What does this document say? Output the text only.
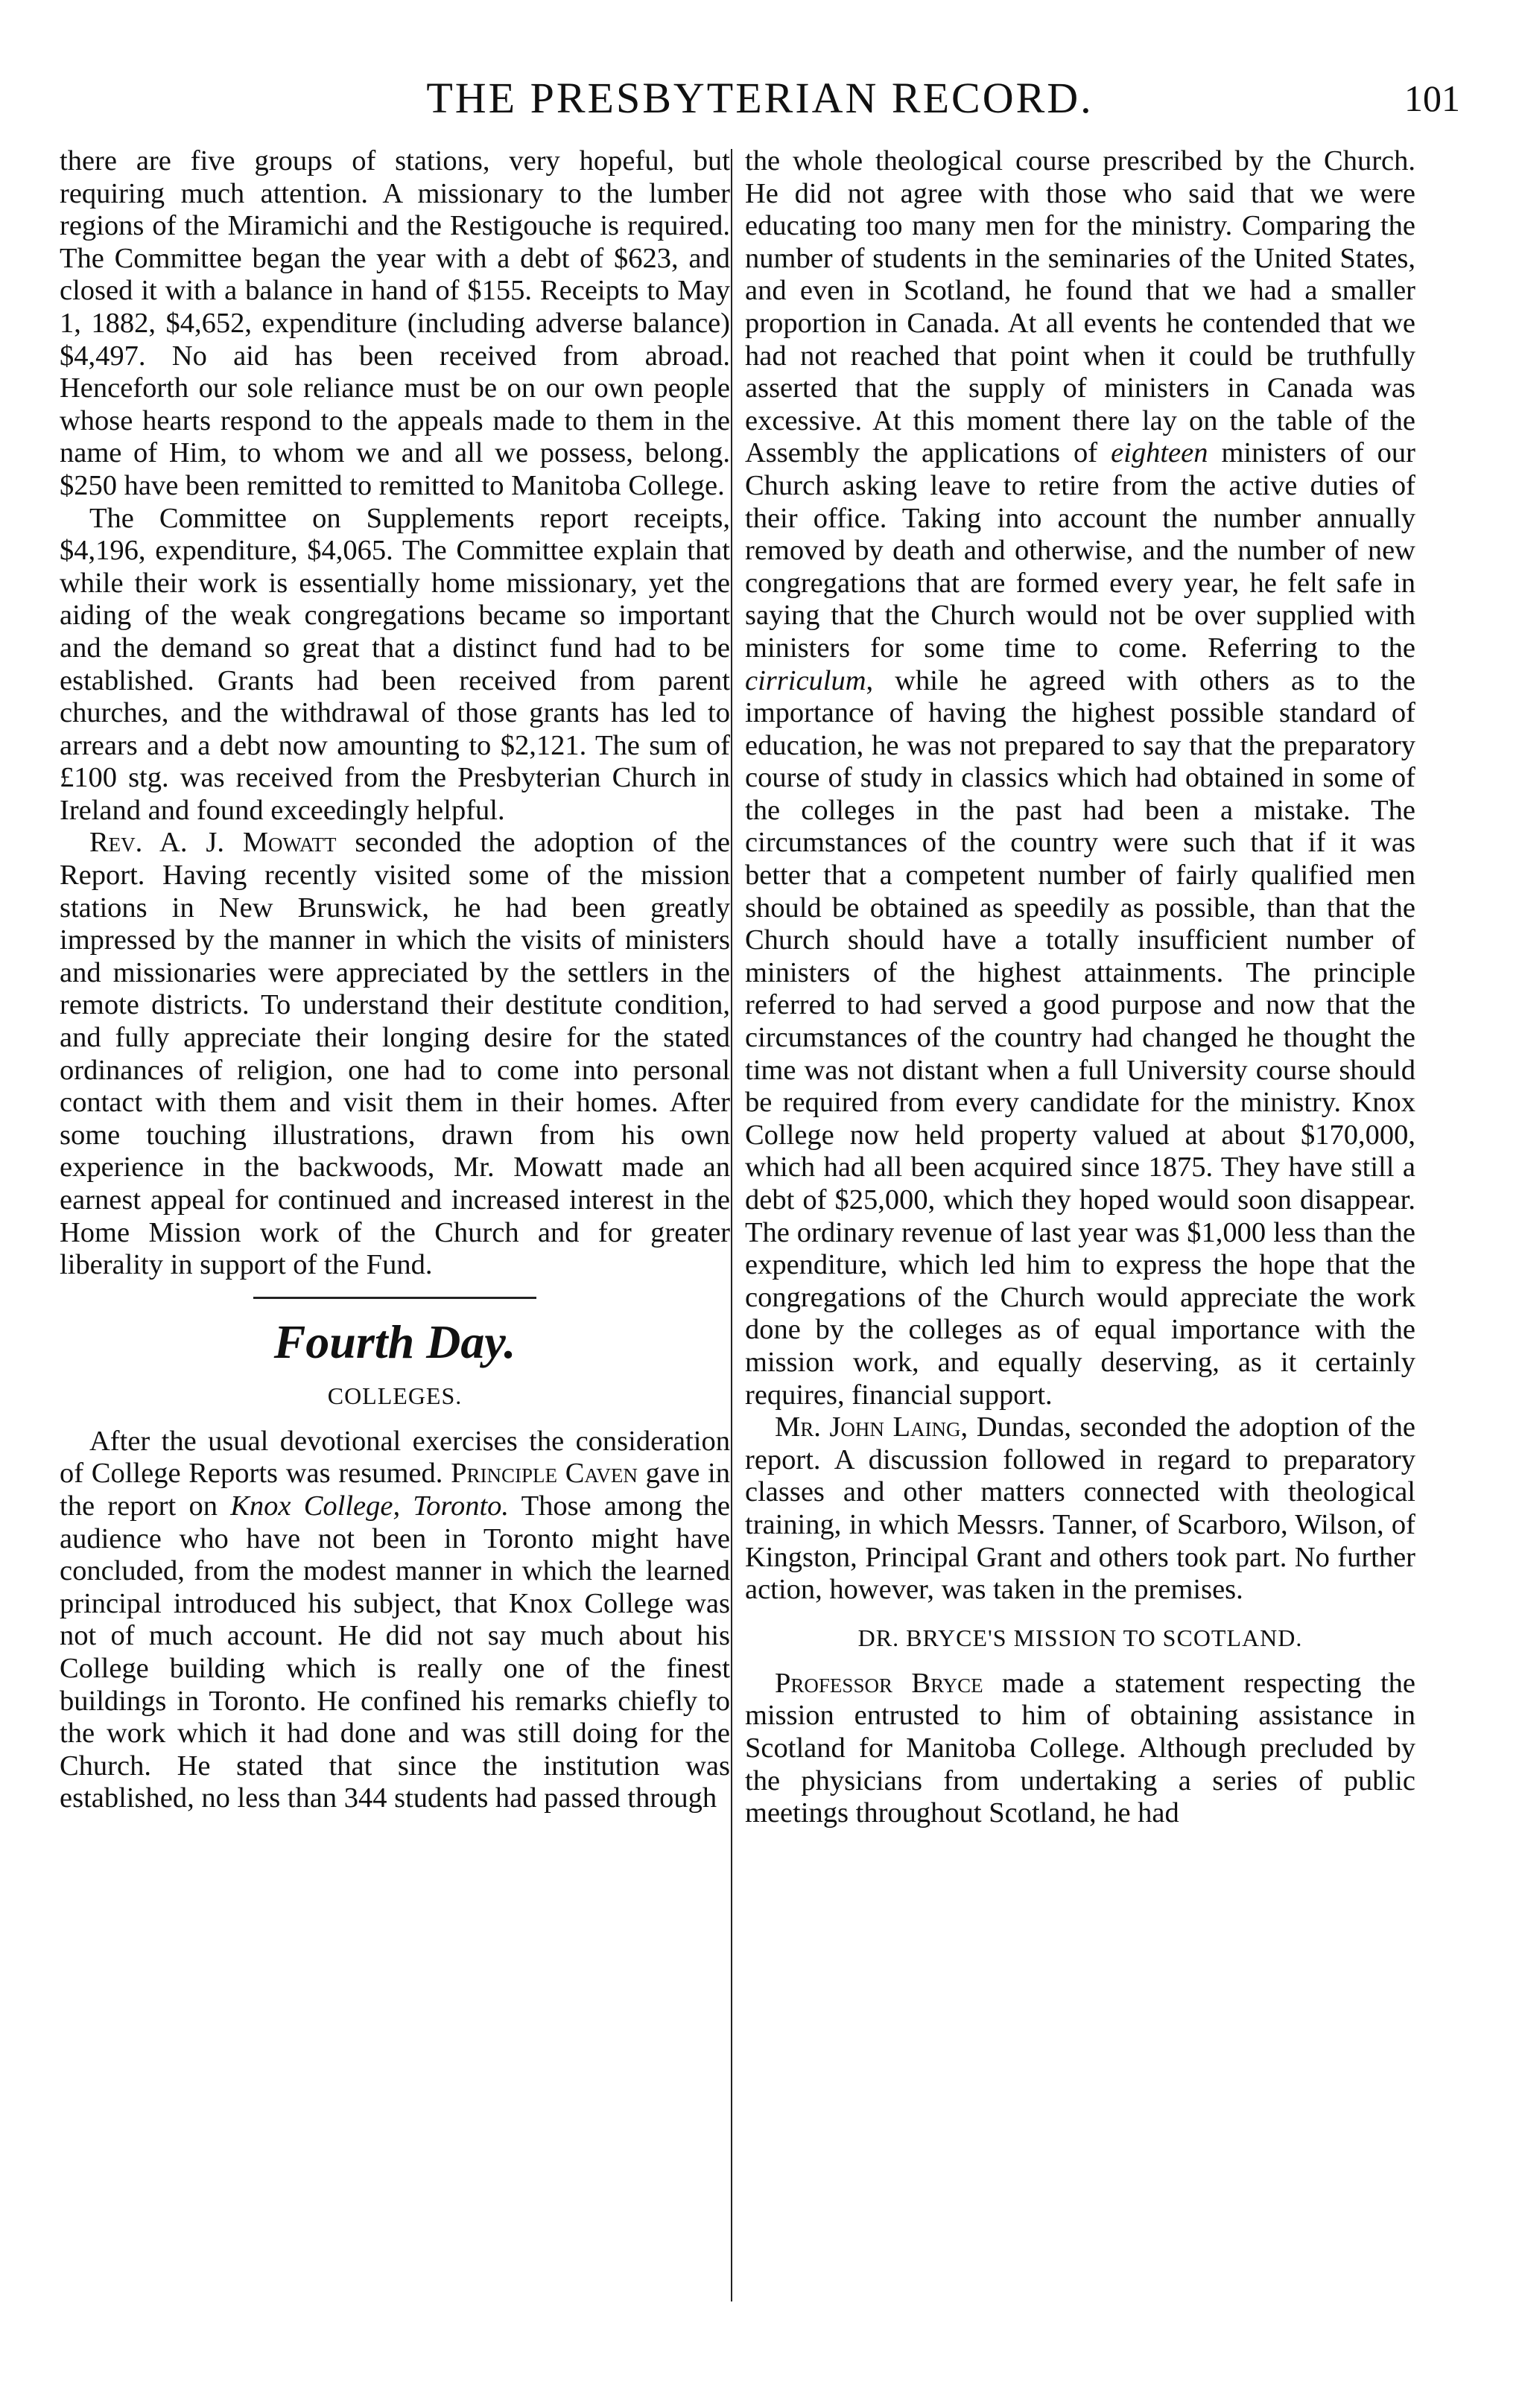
THE PRESBYTERIAN RECORD.	101

there are five groups of stations, very hopeful, but requiring much attention. A missionary to the lumber regions of the Miramichi and the Restigouche is required. The Committee began the year with a debt of $623, and closed it with a balance in hand of $155. Receipts to May 1, 1882, $4,652, expenditure (including adverse balance) $4,497. No aid has been received from abroad. Henceforth our sole reliance must be on our own people whose hearts respond to the appeals made to them in the name of Him, to whom we and all we possess, belong. $250 have been remitted to remitted to Manitoba College.

The Committee on Supplements report receipts, $4,196, expenditure, $4,065. The Committee explain that while their work is essentially home missionary, yet the aiding of the weak congregations became so important and the demand so great that a distinct fund had to be established. Grants had been received from parent churches, and the withdrawal of those grants has led to arrears and a debt now amounting to $2,121. The sum of £100 stg. was received from the Presbyterian Church in Ireland and found exceedingly helpful.

Rev. A. J. Mowatt seconded the adoption of the Report. Having recently visited some of the mission stations in New Brunswick, he had been greatly impressed by the manner in which the visits of ministers and missionaries were appreciated by the settlers in the remote districts. To understand their destitute condition, and fully appreciate their longing desire for the stated ordinances of religion, one had to come into personal contact with them and visit them in their homes. After some touching illustrations, drawn from his own experience in the backwoods, Mr. Mowatt made an earnest appeal for continued and increased interest in the Home Mission work of the Church and for greater liberality in support of the Fund.

Fourth Day.
COLLEGES.

After the usual devotional exercises the consideration of College Reports was resumed. Principle Caven gave in the report on Knox College, Toronto. Those among the audience who have not been in Toronto might have concluded, from the modest manner in which the learned principal introduced his subject, that Knox College was not of much account. He did not say much about his College building which is really one of the finest buildings in Toronto. He confined his remarks chiefly to the work which it had done and was still doing for the Church. He stated that since the institution was established, no less than 344 students had passed through

the whole theological course prescribed by the Church. He did not agree with those who said that we were educating too many men for the ministry. Comparing the number of students in the seminaries of the United States, and even in Scotland, he found that we had a smaller proportion in Canada. At all events he contended that we had not reached that point when it could be truthfully asserted that the supply of ministers in Canada was excessive. At this moment there lay on the table of the Assembly the applications of eighteen ministers of our Church asking leave to retire from the active duties of their office. Taking into account the number annually removed by death and otherwise, and the number of new congregations that are formed every year, he felt safe in saying that the Church would not be over supplied with ministers for some time to come. Referring to the cirriculum, while he agreed with others as to the importance of having the highest possible standard of education, he was not prepared to say that the preparatory course of study in classics which had obtained in some of the colleges in the past had been a mistake. The circumstances of the country were such that if it was better that a competent number of fairly qualified men should be obtained as speedily as possible, than that the Church should have a totally insufficient number of ministers of the highest attainments. The principle referred to had served a good purpose and now that the circumstances of the country had changed he thought the time was not distant when a full University course should be required from every candidate for the ministry. Knox College now held property valued at about $170,000, which had all been acquired since 1875. They have still a debt of $25,000, which they hoped would soon disappear. The ordinary revenue of last year was $1,000 less than the expenditure, which led him to express the hope that the congregations of the Church would appreciate the work done by the colleges as of equal importance with the mission work, and equally deserving, as it certainly requires, financial support.

Mr. John Laing, Dundas, seconded the adoption of the report. A discussion followed in regard to preparatory classes and other matters connected with theological training, in which Messrs. Tanner, of Scarboro, Wilson, of Kingston, Principal Grant and others took part. No further action, however, was taken in the premises.

DR. BRYCE'S MISSION TO SCOTLAND.

Professor Bryce made a statement respecting the mission entrusted to him of obtaining assistance in Scotland for Manitoba College. Although precluded by the physicians from undertaking a series of public meetings throughout Scotland, he had
